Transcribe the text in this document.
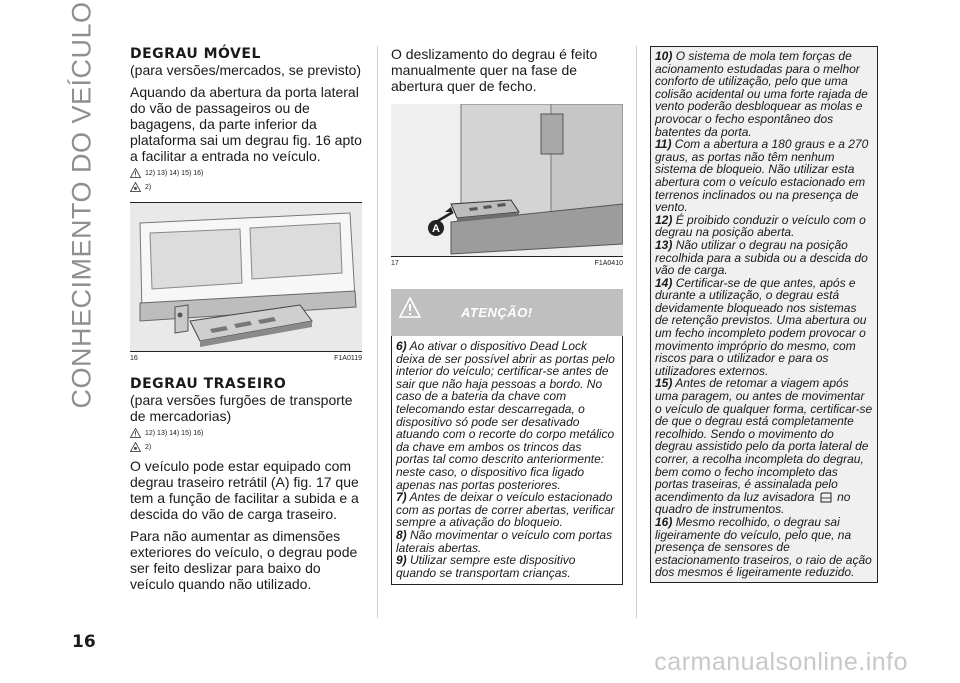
CONHECIMENTO DO VEÍCULO DEGRAU MÓVEL

(para versões/mercados, se previsto)

Aquando da abertura da porta lateral do vão de passageiros ou de bagagens, da parte inferior da plataforma sai um degrau fig. 16 apto a facilitar a entrada no veículo.

12) 13) 14) 15) 16)
2)
16	F1A0119
DEGRAU TRASEIRO

(para versões furgões de transporte de mercadorias)

12) 13) 14) 15) 16)
2)

O veículo pode estar equipado com degrau traseiro retrátil (A) fig. 17 que tem a função de facilitar a subida e a descida do vão de carga traseiro.

Para não aumentar as dimensões exteriores do veículo, o degrau pode ser feito deslizar para baixo do veículo quando não utilizado.

O deslizamento do degrau é feito manualmente quer na fase de abertura quer de fecho.

A
17	F1A0410
ATENÇÃO!

6) Ao ativar o dispositivo Dead Lock deixa de ser possível abrir as portas pelo interior do veículo; certificar-se antes de sair que não haja pessoas a bordo. No caso de a bateria da chave com telecomando estar descarregada, o dispositivo só pode ser desativado atuando com o recorte do corpo metálico da chave em ambos os trincos das portas tal como descrito anteriormente: neste caso, o dispositivo fica ligado apenas nas portas posteriores.

7) Antes de deixar o veículo estacionado com as portas de correr abertas, verificar sempre a ativação do bloqueio.

8) Não movimentar o veículo com portas laterais abertas.

9) Utilizar sempre este dispositivo quando se transportam crianças.

10) O sistema de mola tem forças de acionamento estudadas para o melhor conforto de utilização, pelo que uma colisão acidental ou uma forte rajada de vento poderão desbloquear as molas e provocar o fecho espontâneo dos batentes da porta.

11) Com a abertura a 180 graus e a 270 graus, as portas não têm nenhum sistema de bloqueio. Não utilizar esta abertura com o veículo estacionado em terrenos inclinados ou na presença de vento.

12) É proibido conduzir o veículo com o degrau na posição aberta.

13) Não utilizar o degrau na posição recolhida para a subida ou a descida do vão de carga.

14) Certificar-se de que antes, após e durante a utilização, o degrau está devidamente bloqueado nos sistemas de retenção previstos. Uma abertura ou um fecho incompleto podem provocar o movimento impróprio do mesmo, com riscos para o utilizador e para os utilizadores externos.

15) Antes de retomar a viagem após uma paragem, ou antes de movimentar o veículo de qualquer forma, certificar-se de que o degrau está completamente recolhido. Sendo o movimento do degrau assistido pelo da porta lateral de correr, a recolha incompleta do degrau, bem como o fecho incompleto das portas traseiras, é assinalada pelo acendimento da luz avisadora no quadro de instrumentos.

16) Mesmo recolhido, o degrau sai ligeiramente do veículo, pelo que, na presença de sensores de estacionamento traseiros, o raio de ação dos mesmos é ligeiramente reduzido.

16
carmanualsonline.info
